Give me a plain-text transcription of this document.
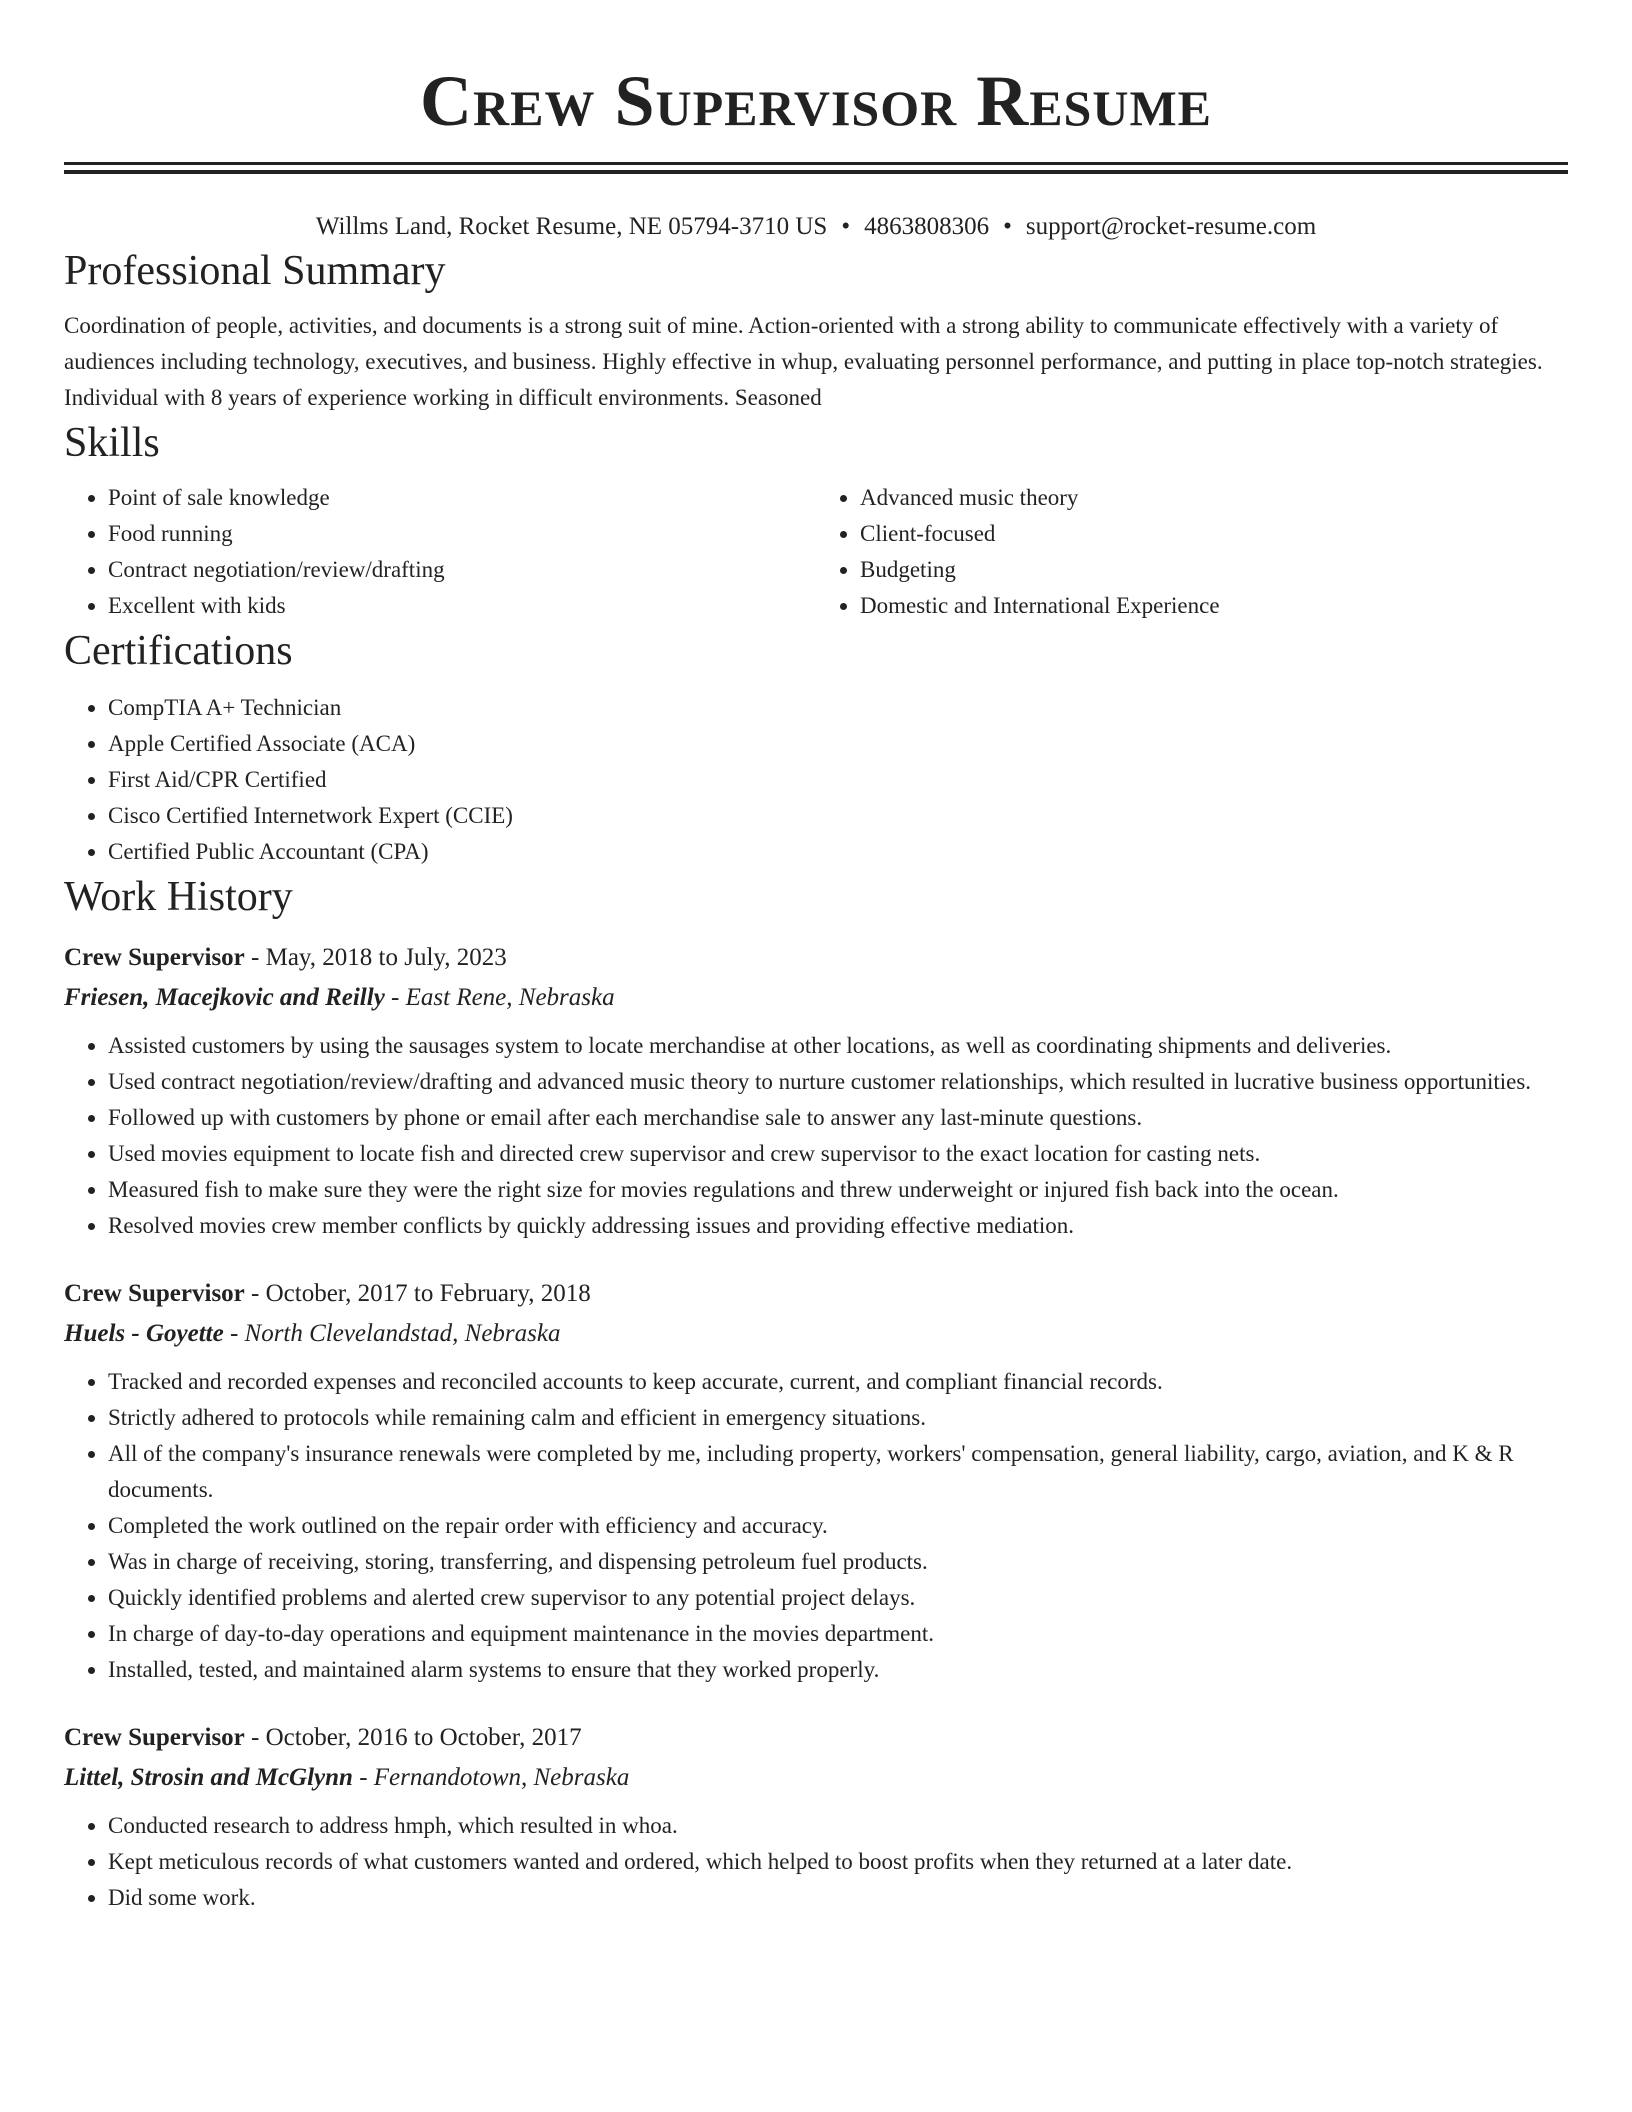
Crew Supervisor Resume
Willms Land, Rocket Resume, NE 05794-3710 US • 4863808306 • support@rocket-resume.com
Professional Summary

Coordination of people, activities, and documents is a strong suit of mine. Action-oriented with a strong ability to communicate effectively with a variety of audiences including technology, executives, and business. Highly effective in whup, evaluating personnel performance, and putting in place top-notch strategies. Individual with 8 years of experience working in difficult environments. Seasoned

Skills
• Point of sale knowledge
• Food running
• Contract negotiation/review/drafting
• Excellent with kids
• Advanced music theory
• Client-focused
• Budgeting
• Domestic and International Experience
Certifications
• CompTIA A+ Technician
• Apple Certified Associate (ACA)
• First Aid/CPR Certified
• Cisco Certified Internetwork Expert (CCIE)
• Certified Public Accountant (CPA)
Work History
Crew Supervisor - May, 2018 to July, 2023
Friesen, Macejkovic and Reilly - East Rene, Nebraska
• Assisted customers by using the sausages system to locate merchandise at other locations, as well as coordinating shipments and deliveries.
• Used contract negotiation/review/drafting and advanced music theory to nurture customer relationships, which resulted in lucrative business opportunities.
• Followed up with customers by phone or email after each merchandise sale to answer any last-minute questions.
• Used movies equipment to locate fish and directed crew supervisor and crew supervisor to the exact location for casting nets.
• Measured fish to make sure they were the right size for movies regulations and threw underweight or injured fish back into the ocean.
• Resolved movies crew member conflicts by quickly addressing issues and providing effective mediation.
Crew Supervisor - October, 2017 to February, 2018
Huels - Goyette - North Clevelandstad, Nebraska
• Tracked and recorded expenses and reconciled accounts to keep accurate, current, and compliant financial records.
• Strictly adhered to protocols while remaining calm and efficient in emergency situations.
• All of the company's insurance renewals were completed by me, including property, workers' compensation, general liability, cargo, aviation, and K & R documents.
• Completed the work outlined on the repair order with efficiency and accuracy.
• Was in charge of receiving, storing, transferring, and dispensing petroleum fuel products.
• Quickly identified problems and alerted crew supervisor to any potential project delays.
• In charge of day-to-day operations and equipment maintenance in the movies department.
• Installed, tested, and maintained alarm systems to ensure that they worked properly.
Crew Supervisor - October, 2016 to October, 2017
Littel, Strosin and McGlynn - Fernandotown, Nebraska
• Conducted research to address hmph, which resulted in whoa.
• Kept meticulous records of what customers wanted and ordered, which helped to boost profits when they returned at a later date.
• Did some work.
